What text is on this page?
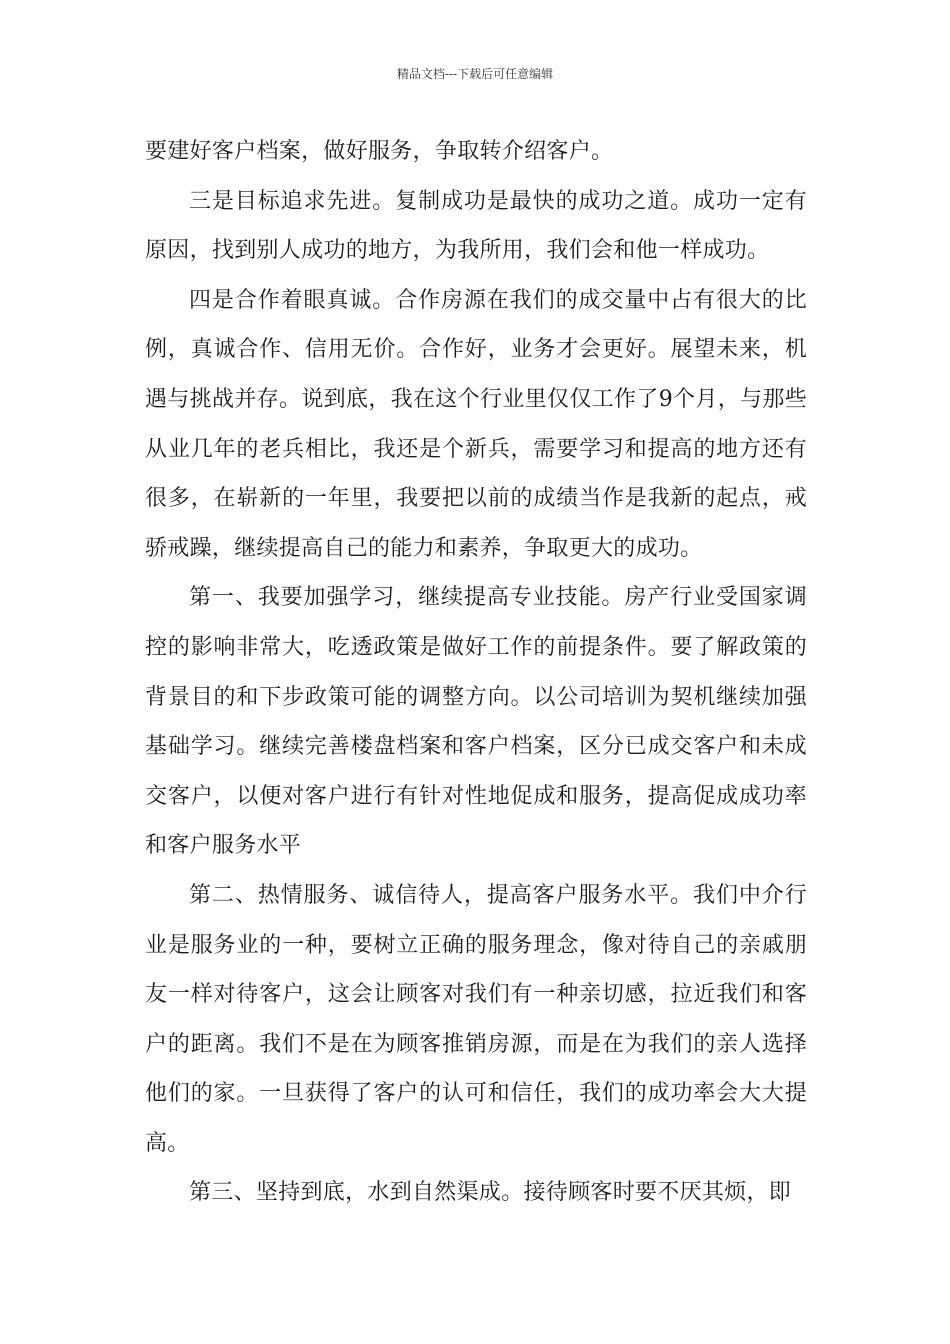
精品文档---下载后可任意编辑

要建好客户档案，做好服务，争取转介绍客户。

三是目标追求先进。复制成功是最快的成功之道。成功一定有原因，找到别人成功的地方，为我所用，我们会和他一样成功。

四是合作着眼真诚。合作房源在我们的成交量中占有很大的比例，真诚合作、信用无价。合作好，业务才会更好。展望未来，机遇与挑战并存。说到底，我在这个行业里仅仅工作了9个月，与那些从业几年的老兵相比，我还是个新兵，需要学习和提高的地方还有很多，在崭新的一年里，我要把以前的成绩当作是我新的起点，戒骄戒躁，继续提高自己的能力和素养，争取更大的成功。

第一、我要加强学习，继续提高专业技能。房产行业受国家调控的影响非常大，吃透政策是做好工作的前提条件。要了解政策的背景目的和下步政策可能的调整方向。以公司培训为契机继续加强基础学习。继续完善楼盘档案和客户档案，区分已成交客户和未成交客户，以便对客户进行有针对性地促成和服务，提高促成成功率和客户服务水平

第二、热情服务、诚信待人，提高客户服务水平。我们中介行业是服务业的一种，要树立正确的服务理念，像对待自己的亲戚朋友一样对待客户，这会让顾客对我们有一种亲切感，拉近我们和客户的距离。我们不是在为顾客推销房源，而是在为我们的亲人选择他们的家。一旦获得了客户的认可和信任，我们的成功率会大大提高。

第三、坚持到底，水到自然渠成。接待顾客时要不厌其烦，即
